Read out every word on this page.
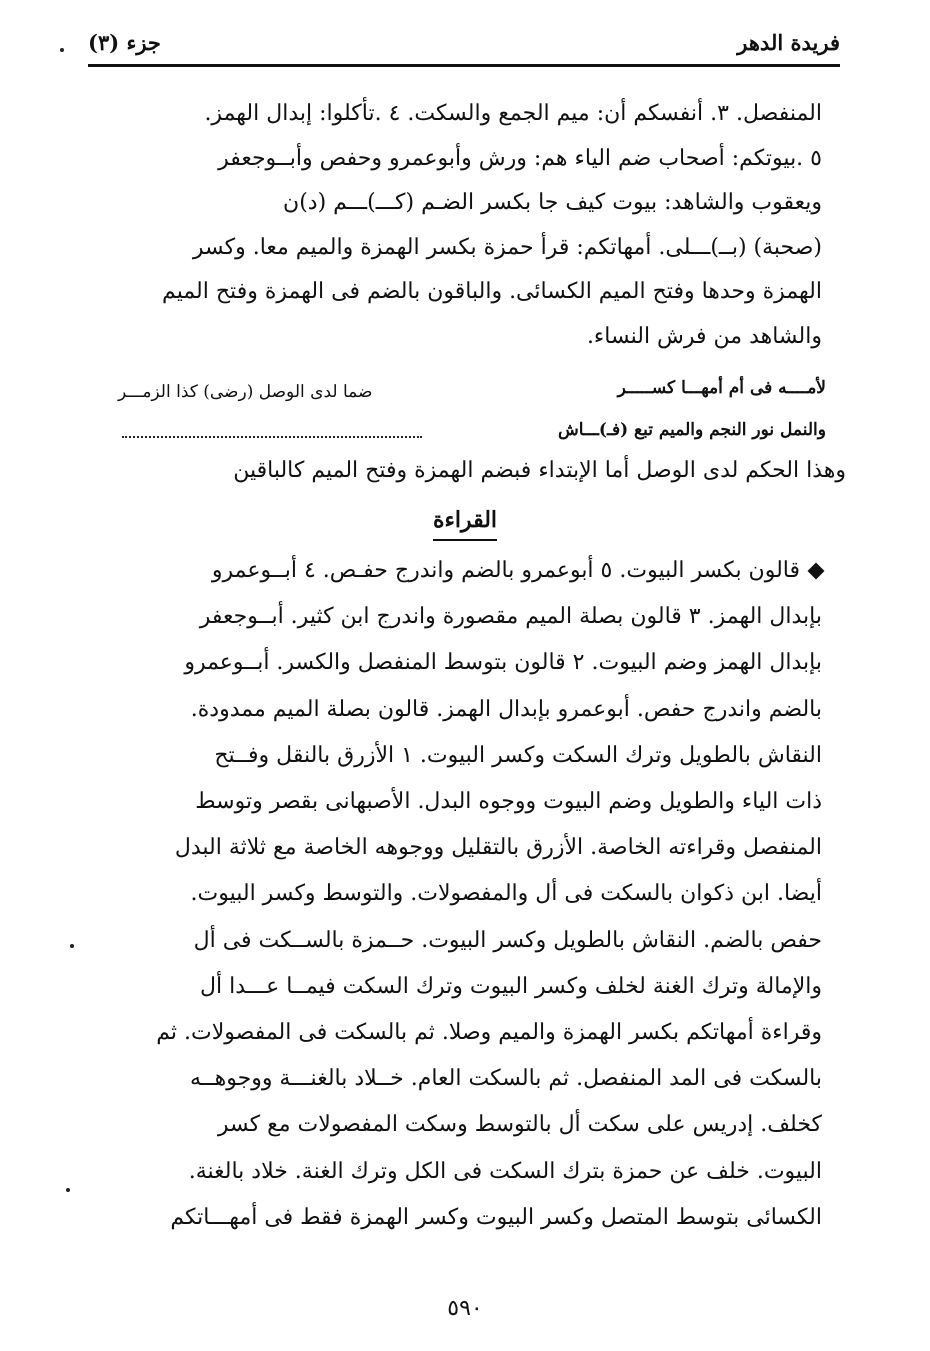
فريدة الدهر
جزء (٣)
المنفصل. ٣. أنفسكم أن: ميم الجمع والسكت. ٤ .تأكلوا: إبدال الهمز.
٥ .بيوتكم: أصحاب ضم الياء هم: ورش وأبوعمرو وحفص وأبــوجعفر
ويعقوب والشاهد: بيوت كيف جا بكسر الضـم (كـــ)ـــم (د)ن
(صحبة) (بــ)ـــلى. أمهاتكم: قرأ حمزة بكسر الهمزة والميم معا. وكسر
الهمزة وحدها وفتح الميم الكسائى. والباقون بالضم فى الهمزة وفتح الميم
والشاهد من فرش النساء.
لأمــــه فى أم أمهـــا كســـــر
ضما لدى الوصل (رضى) كذا الزمـــر
والنمل نور النجم والميم تبع (فـ)ـــاش
وهذا الحكم لدى الوصل أما الإبتداء فبضم الهمزة وفتح الميم كالباقين
القراءة
قالون بكسر البيوت. ٥ أبوعمرو بالضم واندرج حفـص. ٤ أبــوعمرو
بإبدال الهمز. ٣ قالون بصلة الميم مقصورة واندرج ابن كثير. أبــوجعفر
بإبدال الهمز وضم البيوت. ٢ قالون بتوسط المنفصل والكسر. أبــوعمرو
بالضم واندرج حفص. أبوعمرو بإبدال الهمز. قالون بصلة الميم ممدودة.
النقاش بالطويل وترك السكت وكسر البيوت. ١ الأزرق بالنقل وفــتح
ذات الياء والطويل وضم البيوت ووجوه البدل. الأصبهانى بقصر وتوسط
المنفصل وقراءته الخاصة. الأزرق بالتقليل ووجوهه الخاصة مع ثلاثة البدل
أيضا. ابن ذكوان بالسكت فى أل والمفصولات. والتوسط وكسر البيوت.
حفص بالضم. النقاش بالطويل وكسر البيوت. حــمزة بالســكت فى أل
والإمالة وترك الغنة لخلف وكسر البيوت وترك السكت فيمــا عـــدا أل
وقراءة أمهاتكم بكسر الهمزة والميم وصلا. ثم بالسكت فى المفصولات. ثم
بالسكت فى المد المنفصل. ثم بالسكت العام. خــلاد بالغنـــة ووجوهــه
كخلف. إدريس على سكت أل بالتوسط وسكت المفصولات مع كسر
البيوت. خلف عن حمزة بترك السكت فى الكل وترك الغنة. خلاد بالغنة.
الكسائى بتوسط المتصل وكسر البيوت وكسر الهمزة فقط فى أمهـــاتكم
٥٩٠
